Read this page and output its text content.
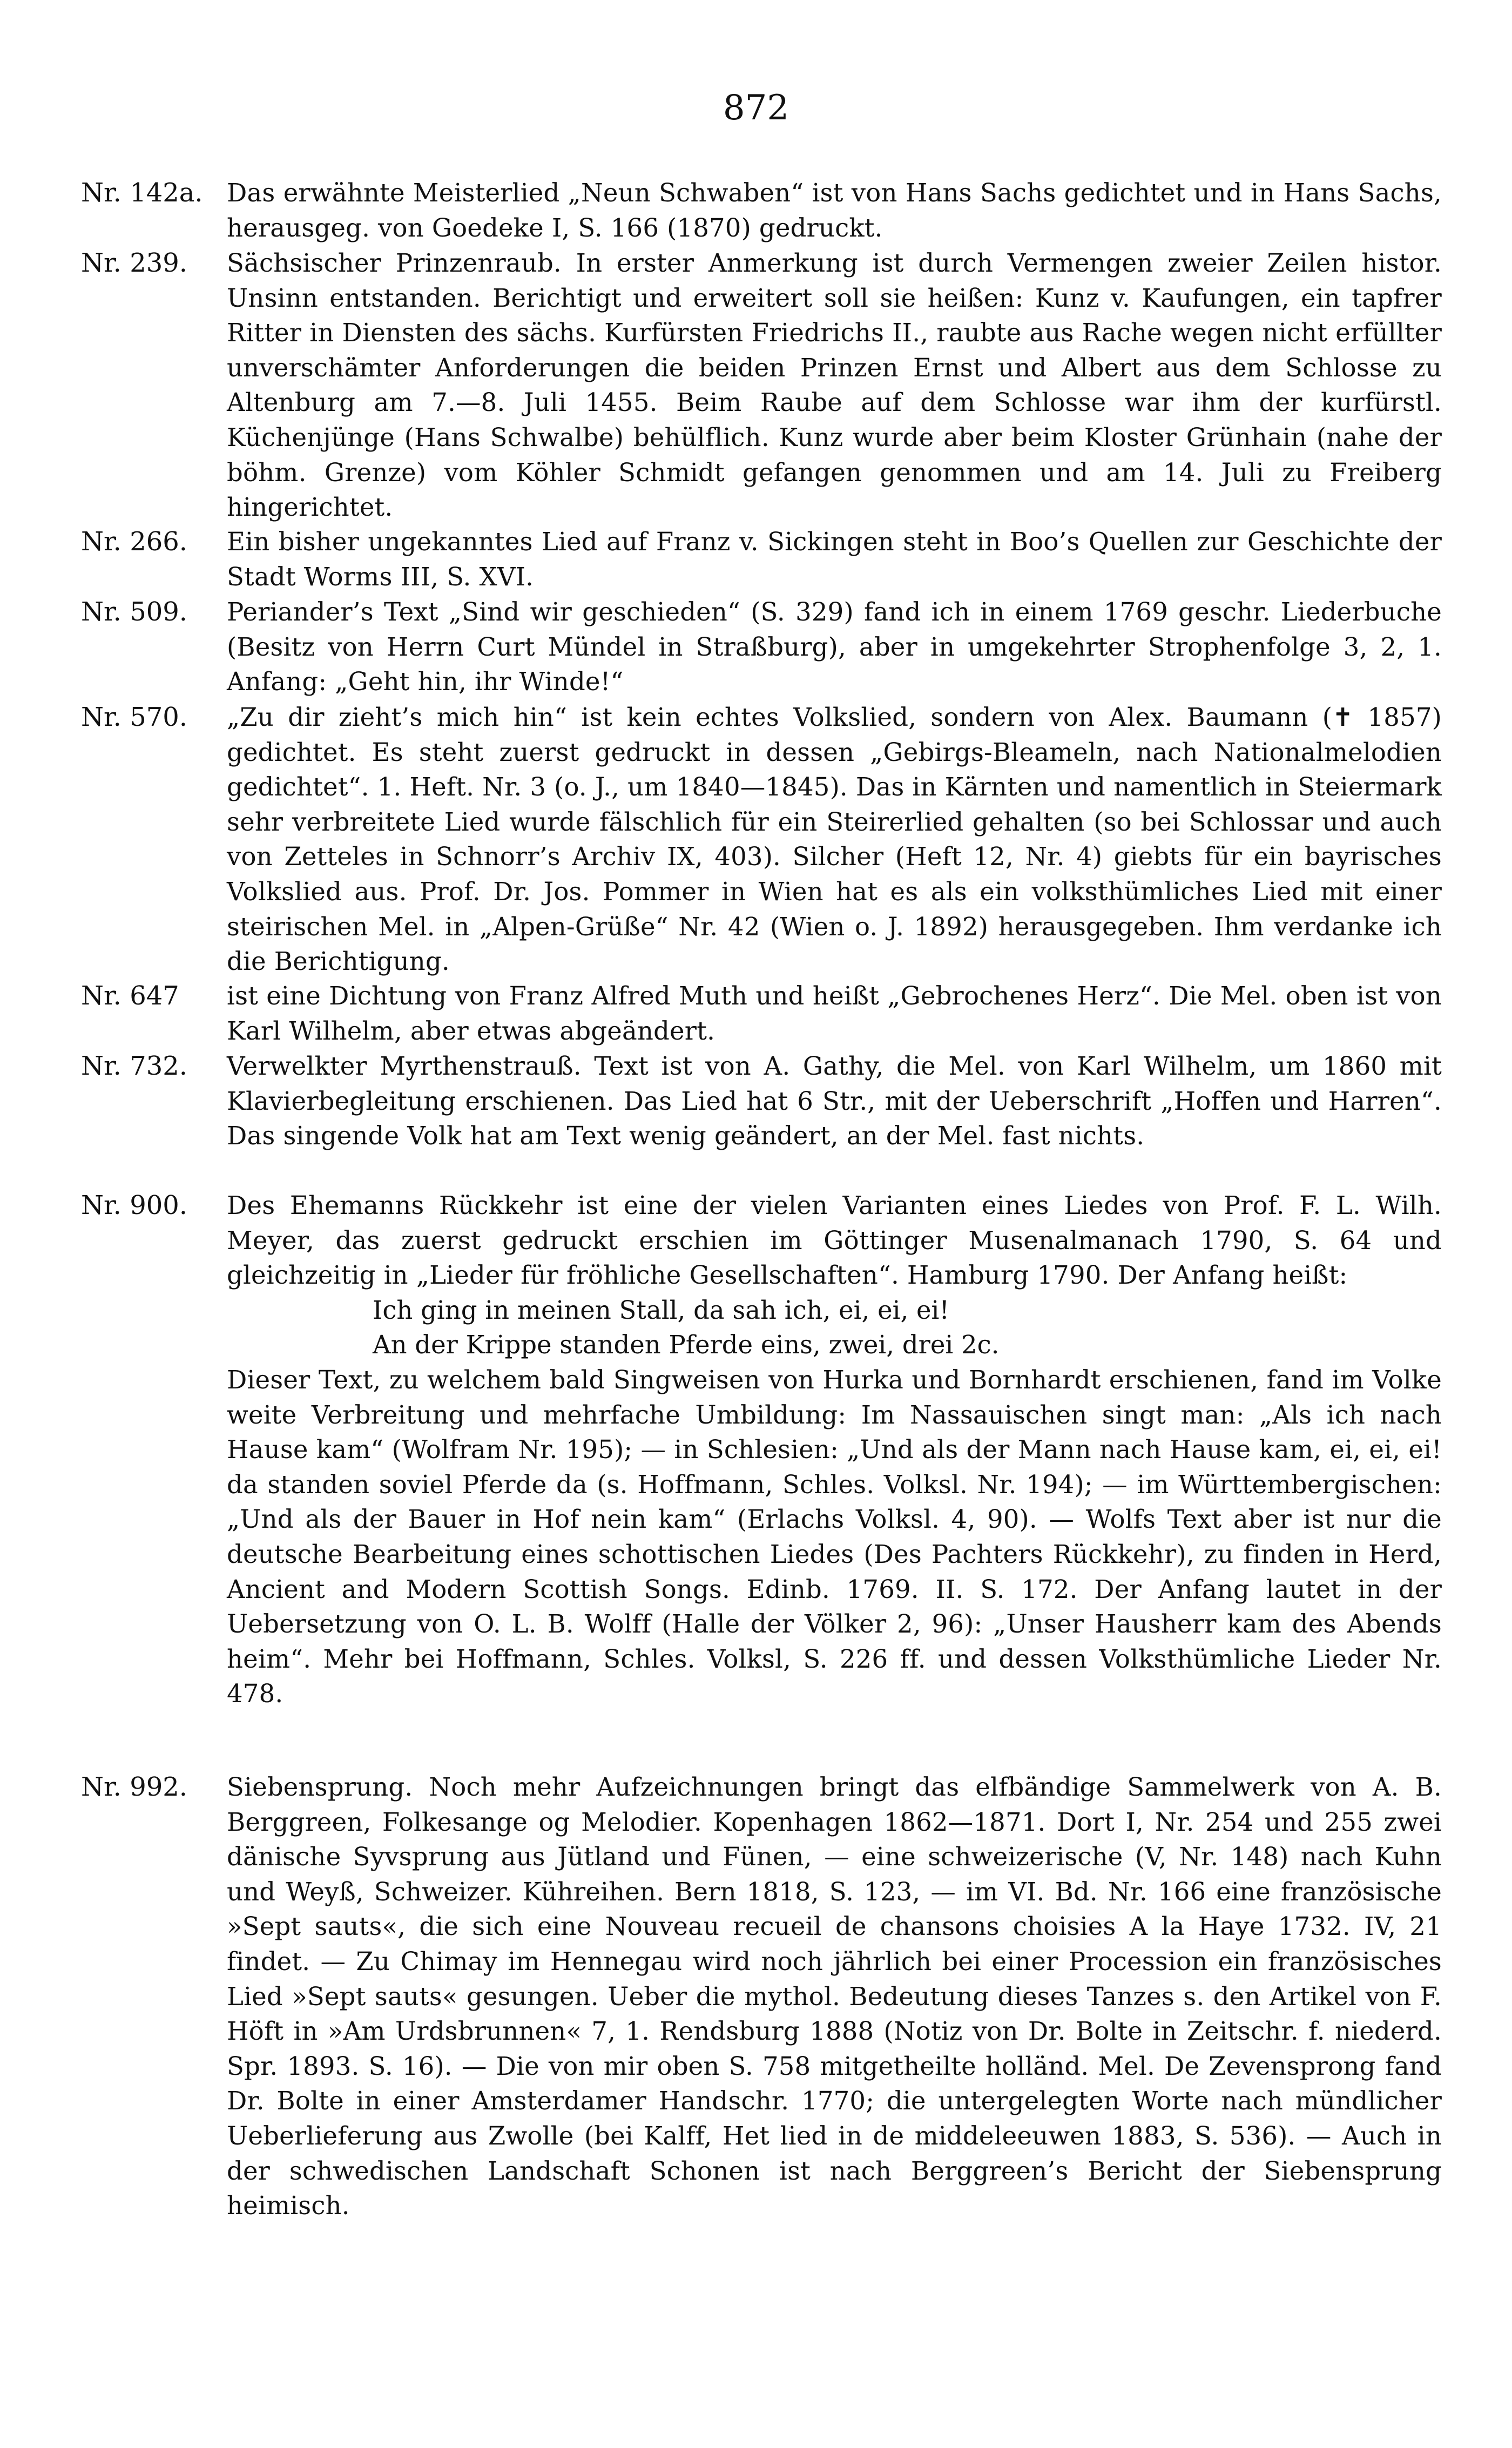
872
Nr. 142a. Das erwähnte Meisterlied „Neun Schwaben“ ist von Hans Sachs gedichtet und in Hans Sachs, herausgeg. von Goedeke I, S. 166 (1870) gedruckt.

Nr. 239. Sächsischer Prinzenraub. In erster Anmerkung ist durch Vermengen zweier Zeilen histor. Unsinn entstanden. Berichtigt und erweitert soll sie heißen: Kunz v. Kaufungen, ein tapfrer Ritter in Diensten des sächs. Kurfürsten Friedrichs II., raubte aus Rache wegen nicht erfüllter unverschämter Anforderungen die beiden Prinzen Ernst und Albert aus dem Schlosse zu Altenburg am 7.—8. Juli 1455. Beim Raube auf dem Schlosse war ihm der kurfürstl. Küchenjünge (Hans Schwalbe) behülflich. Kunz wurde aber beim Kloster Grünhain (nahe der böhm. Grenze) vom Köhler Schmidt gefangen genommen und am 14. Juli zu Freiberg hingerichtet.

Nr. 266. Ein bisher ungekanntes Lied auf Franz v. Sickingen steht in Boo’s Quellen zur Geschichte der Stadt Worms III, S. XVI.

Nr. 509. Periander’s Text „Sind wir geschieden“ (S. 329) fand ich in einem 1769 geschr. Liederbuche (Besitz von Herrn Curt Mündel in Straßburg), aber in umgekehrter Strophenfolge 3, 2, 1. Anfang: „Geht hin, ihr Winde!“

Nr. 570. „Zu dir zieht’s mich hin“ ist kein echtes Volkslied, sondern von Alex. Baumann (✝ 1857) gedichtet. Es steht zuerst gedruckt in dessen „Gebirgs-Bleameln, nach Nationalmelodien gedichtet“. 1. Heft. Nr. 3 (o. J., um 1840—1845). Das in Kärnten und namentlich in Steiermark sehr verbreitete Lied wurde fälschlich für ein Steirerlied gehalten (so bei Schlossar und auch von Zetteles in Schnorr’s Archiv IX, 403). Silcher (Heft 12, Nr. 4) giebts für ein bayrisches Volkslied aus. Prof. Dr. Jos. Pommer in Wien hat es als ein volksthümliches Lied mit einer steirischen Mel. in „Alpen-Grüße“ Nr. 42 (Wien o. J. 1892) herausgegeben. Ihm verdanke ich die Berichtigung.

Nr. 647 ist eine Dichtung von Franz Alfred Muth und heißt „Gebrochenes Herz“. Die Mel. oben ist von Karl Wilhelm, aber etwas abgeändert.

Nr. 732. Verwelkter Myrthenstrauß. Text ist von A. Gathy, die Mel. von Karl Wilhelm, um 1860 mit Klavierbegleitung erschienen. Das Lied hat 6 Str., mit der Ueberschrift „Hoffen und Harren“. Das singende Volk hat am Text wenig geändert, an der Mel. fast nichts.

Nr. 900. Des Ehemanns Rückkehr ist eine der vielen Varianten eines Liedes von Prof. F. L. Wilh. Meyer, das zuerst gedruckt erschien im Göttinger Musenalmanach 1790, S. 64 und gleichzeitig in „Lieder für fröhliche Gesellschaften“. Hamburg 1790. Der Anfang heißt:

Ich ging in meinen Stall, da sah ich, ei, ei, ei!
An der Krippe standen Pferde eins, zwei, drei 2c.

Dieser Text, zu welchem bald Singweisen von Hurka und Bornhardt erschienen, fand im Volke weite Verbreitung und mehrfache Umbildung: Im Nassauischen singt man: „Als ich nach Hause kam“ (Wolfram Nr. 195); — in Schlesien: „Und als der Mann nach Hause kam, ei, ei, ei! da standen soviel Pferde da (s. Hoffmann, Schles. Volksl. Nr. 194); — im Württembergischen: „Und als der Bauer in Hof nein kam“ (Erlachs Volksl. 4, 90). — Wolfs Text aber ist nur die deutsche Bearbeitung eines schottischen Liedes (Des Pachters Rückkehr), zu finden in Herd, Ancient and Modern Scottish Songs. Edinb. 1769. II. S. 172. Der Anfang lautet in der Uebersetzung von O. L. B. Wolff (Halle der Völker 2, 96): „Unser Hausherr kam des Abends heim“. Mehr bei Hoffmann, Schles. Volksl, S. 226 ff. und dessen Volksthümliche Lieder Nr. 478.

Nr. 992. Siebensprung. Noch mehr Aufzeichnungen bringt das elfbändige Sammelwerk von A. B. Berggreen, Folkesange og Melodier. Kopenhagen 1862—1871. Dort I, Nr. 254 und 255 zwei dänische Syvsprung aus Jütland und Fünen, — eine schweizerische (V, Nr. 148) nach Kuhn und Weyß, Schweizer. Kühreihen. Bern 1818, S. 123, — im VI. Bd. Nr. 166 eine französische »Sept sauts«, die sich eine Nouveau recueil de chansons choisies A la Haye 1732. IV, 21 findet. — Zu Chimay im Hennegau wird noch jährlich bei einer Procession ein französisches Lied »Sept sauts« gesungen. Ueber die mythol. Bedeutung dieses Tanzes s. den Artikel von F. Höft in »Am Urdsbrunnen« 7, 1. Rendsburg 1888 (Notiz von Dr. Bolte in Zeitschr. f. niederd. Spr. 1893. S. 16). — Die von mir oben S. 758 mitgetheilte holländ. Mel. De Zevensprong fand Dr. Bolte in einer Amsterdamer Handschr. 1770; die untergelegten Worte nach mündlicher Ueberlieferung aus Zwolle (bei Kalff, Het lied in de middeleeuwen 1883, S. 536). — Auch in der schwedischen Landschaft Schonen ist nach Berggreen’s Bericht der Siebensprung heimisch.
